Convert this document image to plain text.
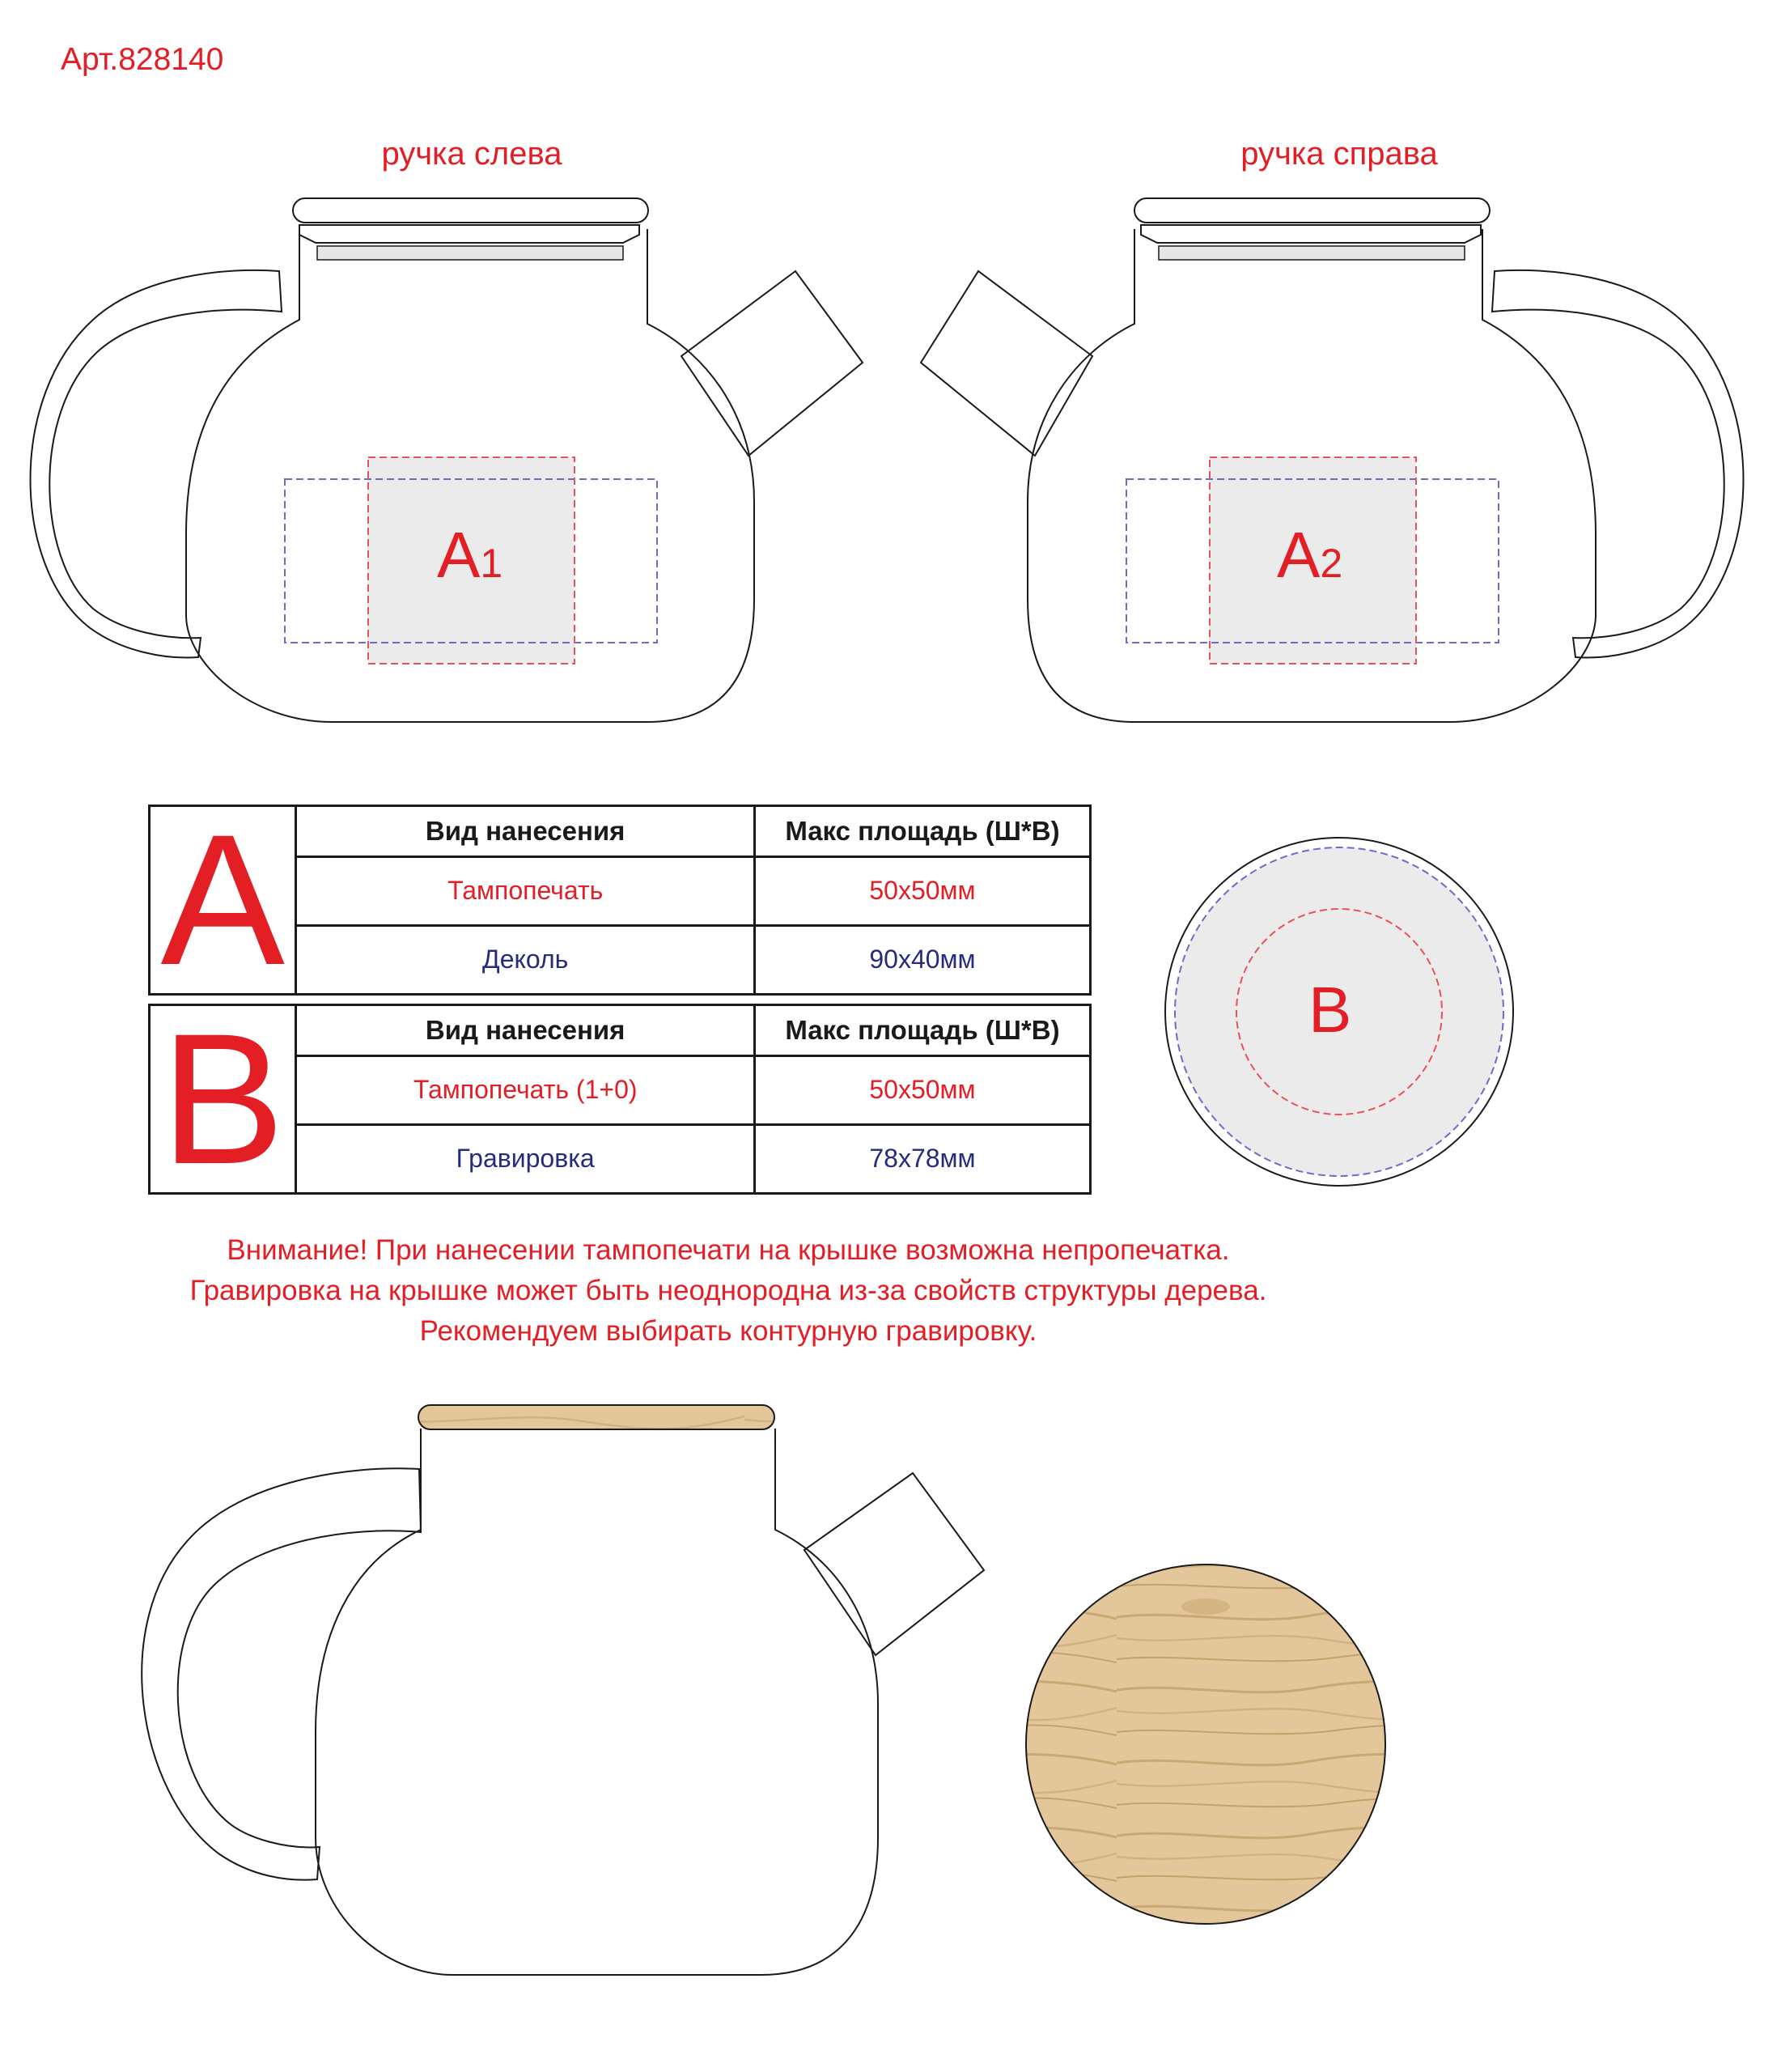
Арт.828140
ручка слева	ручка справа
A1	A2
B
A	Вид нанесения	Макс площадь (Ш*В)
	Тампопечать	50х50мм
	Деколь	90х40мм
B	Вид нанесения	Макс площадь (Ш*В)
	Тампопечать (1+0)	50х50мм
	Гравировка	78х78мм
Внимание! При нанесении тампопечати на крышке возможна непропечатка.
Гравировка на крышке может быть неоднородна из-за свойств структуры дерева.
Рекомендуем выбирать контурную гравировку.
